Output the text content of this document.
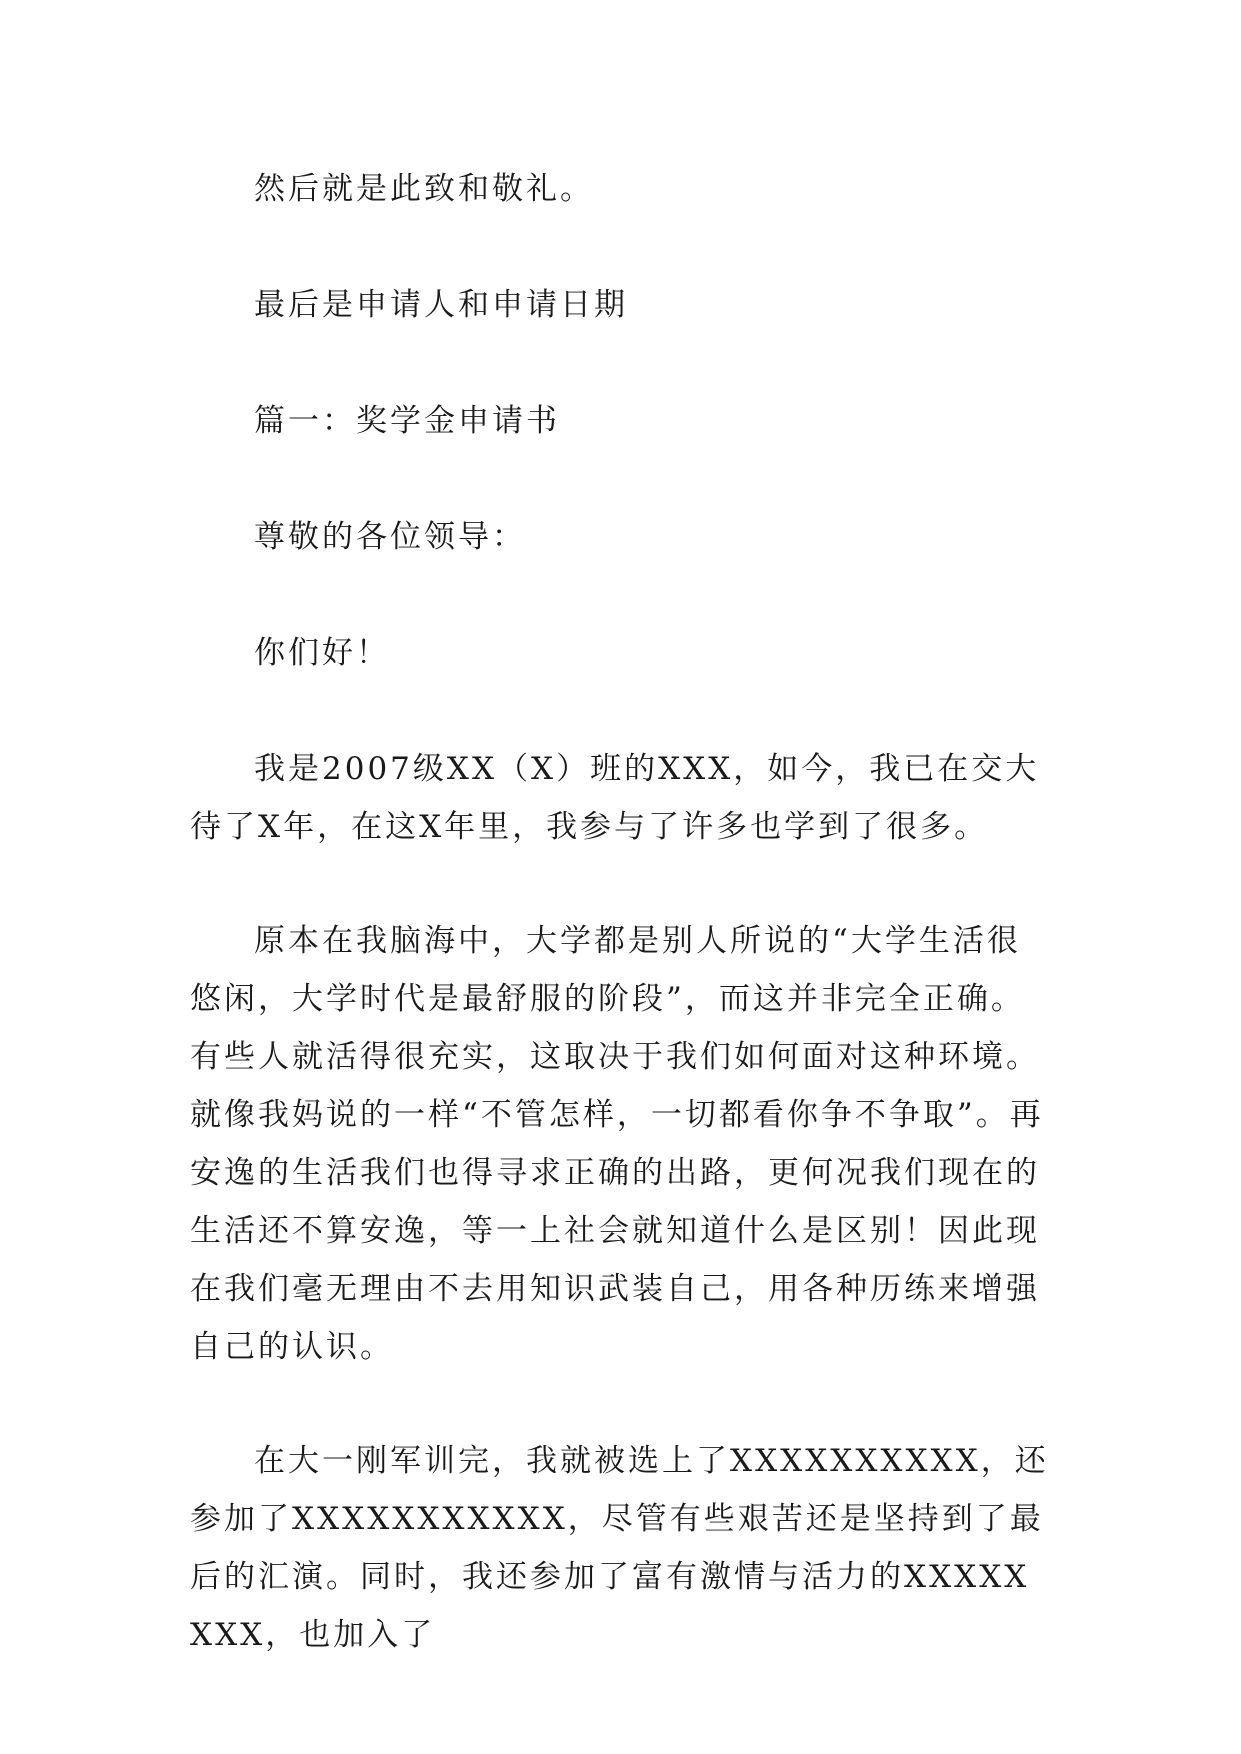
然后就是此致和敬礼。

最后是申请人和申请日期

篇一：奖学金申请书

尊敬的各位领导：

你们好！

我是2007级XX（X）班的XXX，如今，我已在交大待了X年，在这X年里，我参与了许多也学到了很多。

原本在我脑海中，大学都是别人所说的“大学生活很悠闲，大学时代是最舒服的阶段”，而这并非完全正确。有些人就活得很充实，这取决于我们如何面对这种环境。就像我妈说的一样“不管怎样，一切都看你争不争取”。再安逸的生活我们也得寻求正确的出路，更何况我们现在的生活还不算安逸，等一上社会就知道什么是区别！因此现在我们毫无理由不去用知识武装自己，用各种历练来增强自己的认识。

在大一刚军训完，我就被选上了XXXXXXXXXX，还参加了XXXXXXXXXXX，尽管有些艰苦还是坚持到了最后的汇演。同时，我还参加了富有激情与活力的XXXXXXXX，也加入了
